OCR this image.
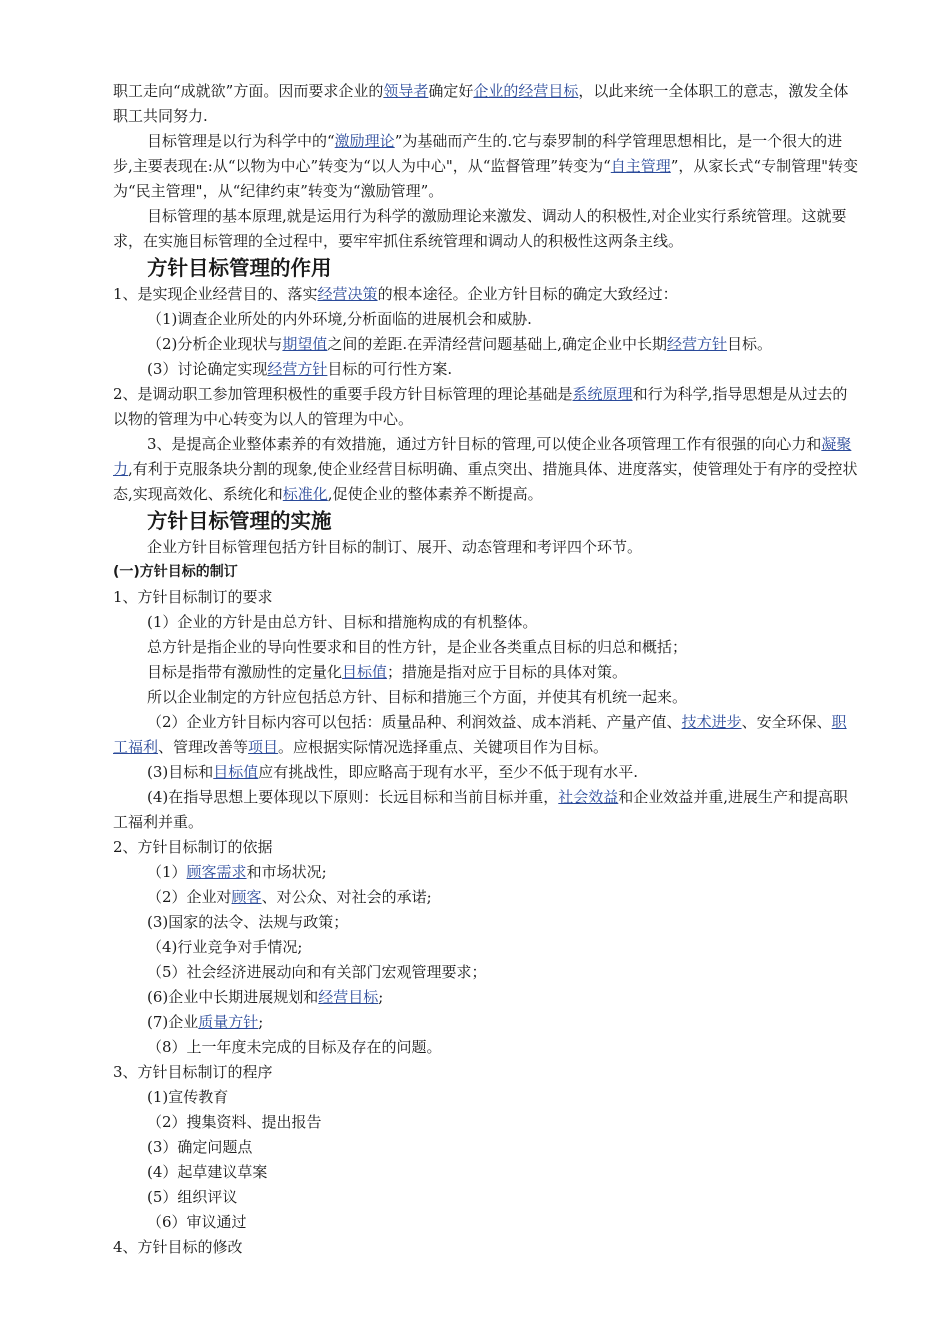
职工走向“成就欲”方面。因而要求企业的领导者确定好企业的经营目标，以此来统一全体职工的意志，激发全体职工共同努力.

目标管理是以行为科学中的“激励理论”为基础而产生的.它与泰罗制的科学管理思想相比，是一个很大的进步,主要表现在:从“以物为中心”转变为“以人为中心"，从“监督管理”转变为“自主管理”，从家长式“专制管理"转变为“民主管理"，从“纪律约束”转变为“激励管理”。

目标管理的基本原理,就是运用行为科学的激励理论来激发、调动人的积极性,对企业实行系统管理。这就要求，在实施目标管理的全过程中，要牢牢抓住系统管理和调动人的积极性这两条主线。

方针目标管理的作用

1、是实现企业经营目的、落实经营决策的根本途径。企业方针目标的确定大致经过：

（1)调查企业所处的内外环境,分析面临的进展机会和威胁.

（2)分析企业现状与期望值之间的差距.在弄清经营问题基础上,确定企业中长期经营方针目标。

(3）讨论确定实现经营方针目标的可行性方案.

2、是调动职工参加管理积极性的重要手段方针目标管理的理论基础是系统原理和行为科学,指导思想是从过去的以物的管理为中心转变为以人的管理为中心。

3、是提高企业整体素养的有效措施，通过方针目标的管理,可以使企业各项管理工作有很强的向心力和凝聚力,有利于克服条块分割的现象,使企业经营目标明确、重点突出、措施具体、进度落实，使管理处于有序的受控状态,实现高效化、系统化和标准化,促使企业的整体素养不断提高。

方针目标管理的实施

企业方针目标管理包括方针目标的制订、展开、动态管理和考评四个环节。

(一)方针目标的制订

1、方针目标制订的要求

(1）企业的方针是由总方针、目标和措施构成的有机整体。

总方针是指企业的导向性要求和目的性方针，是企业各类重点目标的归总和概括；

目标是指带有激励性的定量化目标值；措施是指对应于目标的具体对策。

所以企业制定的方针应包括总方针、目标和措施三个方面，并使其有机统一起来。

（2）企业方针目标内容可以包括：质量品种、利润效益、成本消耗、产量产值、技术进步、安全环保、职工福利、管理改善等项目。应根据实际情况选择重点、关键项目作为目标。

(3)目标和目标值应有挑战性，即应略高于现有水平，至少不低于现有水平.

(4)在指导思想上要体现以下原则：长远目标和当前目标并重，社会效益和企业效益并重,进展生产和提高职工福利并重。

2、方针目标制订的依据

（1）顾客需求和市场状况;

（2）企业对顾客、对公众、对社会的承诺;

(3)国家的法令、法规与政策；

（4)行业竞争对手情况;

（5）社会经济进展动向和有关部门宏观管理要求；

(6)企业中长期进展规划和经营目标;

(7)企业质量方针;

（8）上一年度未完成的目标及存在的问题。

3、方针目标制订的程序

(1)宣传教育

（2）搜集资料、提出报告

(3）确定问题点

(4）起草建议草案

(5）组织评议

（6）审议通过

4、方针目标的修改
